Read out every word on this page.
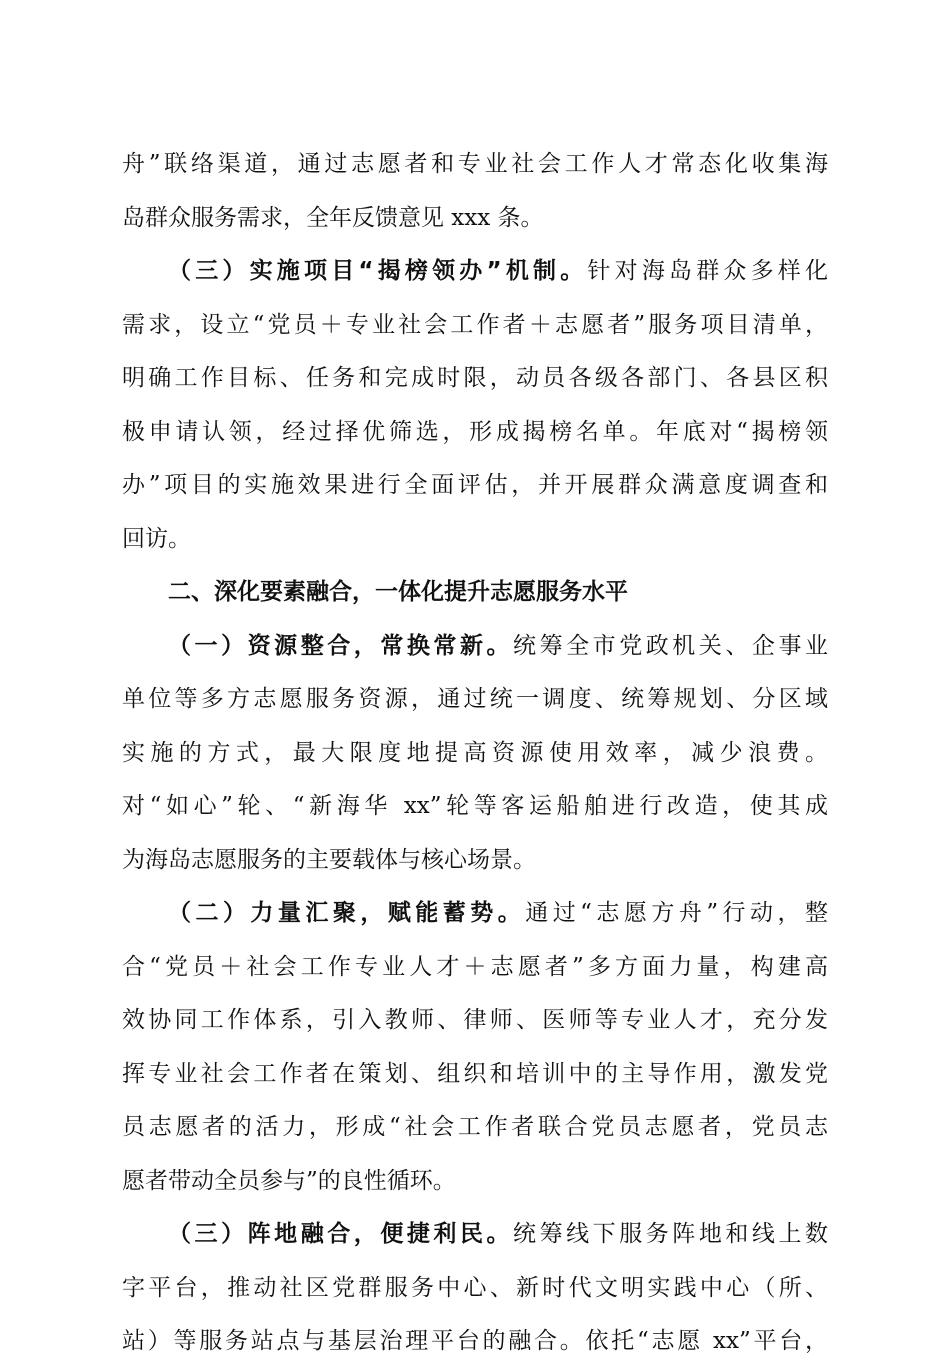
舟”联络渠道，通过志愿者和专业社会工作人才常态化收集海
岛群众服务需求，全年反馈意见 xxx 条。
（三）实施项目“揭榜领办”机制。针对海岛群众多样化
需求，设立“党员＋专业社会工作者＋志愿者”服务项目清单，
明确工作目标、任务和完成时限，动员各级各部门、各县区积
极申请认领，经过择优筛选，形成揭榜名单。年底对“揭榜领
办”项目的实施效果进行全面评估，并开展群众满意度调查和
回访。
二、深化要素融合，一体化提升志愿服务水平
（一）资源整合，常换常新。统筹全市党政机关、企事业
单位等多方志愿服务资源，通过统一调度、统筹规划、分区域
实施的方式，最大限度地提高资源使用效率，减少浪费。
对“如心”轮、“新海华 xx”轮等客运船舶进行改造，使其成
为海岛志愿服务的主要载体与核心场景。
（二）力量汇聚，赋能蓄势。通过“志愿方舟”行动，整
合“党员＋社会工作专业人才＋志愿者”多方面力量，构建高
效协同工作体系，引入教师、律师、医师等专业人才，充分发
挥专业社会工作者在策划、组织和培训中的主导作用，激发党
员志愿者的活力，形成“社会工作者联合党员志愿者，党员志
愿者带动全员参与”的良性循环。
（三）阵地融合，便捷利民。统筹线下服务阵地和线上数
字平台，推动社区党群服务中心、新时代文明实践中心（所、
站）等服务站点与基层治理平台的融合。依托“志愿 xx”平台，
